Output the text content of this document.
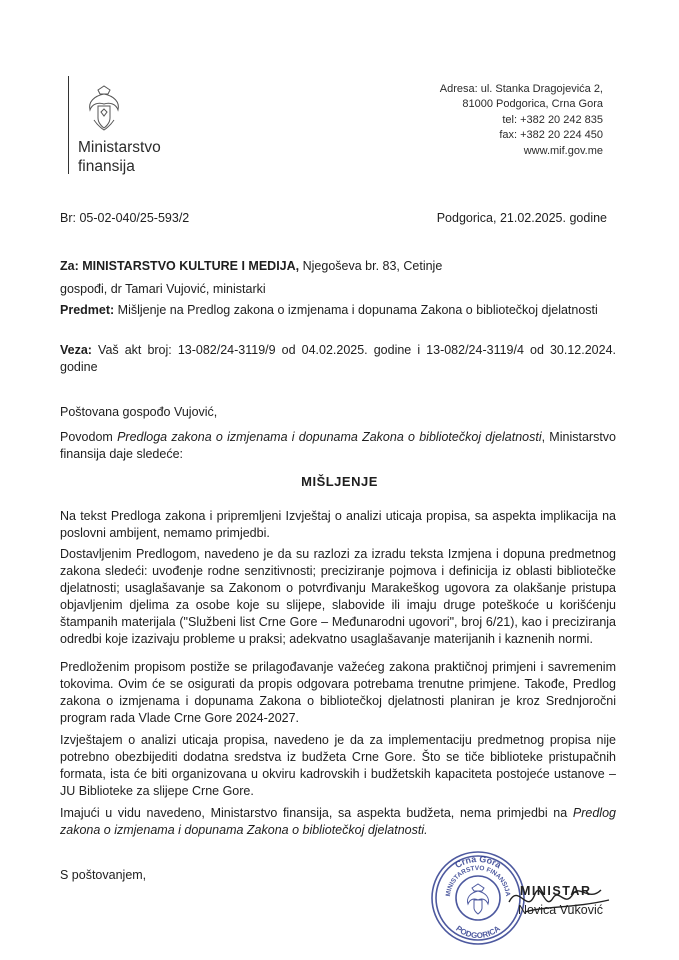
Ministarstvo
finansija
Adresa: ul. Stanka Dragojevića 2,
81000 Podgorica, Crna Gora
tel: +382 20 242 835
fax: +382 20 224 450
www.mif.gov.me
Br: 05-02-040/25-593/2	Podgorica, 21.02.2025. godine
Za: MINISTARSTVO KULTURE I MEDIJA, Njegoševa br. 83, Cetinje
gospođi, dr Tamari Vujović, ministarki
Predmet: Mišljenje na Predlog zakona o izmjenama i dopunama Zakona o bibliotečkoj djelatnosti
Veza: Vaš akt broj: 13-082/24-3119/9 od 04.02.2025. godine i 13-082/24-3119/4 od 30.12.2024. godine
Poštovana gospođo Vujović,
Povodom Predloga zakona o izmjenama i dopunama Zakona o bibliotečkoj djelatnosti, Ministarstvo finansija daje sledeće:
MIŠLJENJE
Na tekst Predloga zakona i pripremljeni Izvještaj o analizi uticaja propisa, sa aspekta implikacija na poslovni ambijent, nemamo primjedbi.
Dostavljenim Predlogom, navedeno je da su razlozi za izradu teksta Izmjena i dopuna predmetnog zakona sledeći: uvođenje rodne senzitivnosti; preciziranje pojmova i definicija iz oblasti bibliotečke djelatnosti; usaglašavanje sa Zakonom o potvrđivanju Marakeškog ugovora za olakšanje pristupa objavljenim djelima za osobe koje su slijepe, slabovide ili imaju druge poteškoće u korišćenju štampanih materijala ("Službeni list Crne Gore – Međunarodni ugovori", broj 6/21), kao i preciziranja odredbi koje izazivaju probleme u praksi; adekvatno usaglašavanje materijanih i kaznenih normi.
Predloženim propisom postiže se prilagođavanje važećeg zakona praktičnoj primjeni i savremenim tokovima. Ovim će se osigurati da propis odgovara potrebama trenutne primjene. Takođe, Predlog zakona o izmjenama i dopunama Zakona o bibliotečkoj djelatnosti planiran je kroz Srednjoročni program rada Vlade Crne Gore 2024-2027.
Izvještajem o analizi uticaja propisa, navedeno je da za implementaciju predmetnog propisa nije potrebno obezbijediti dodatna sredstva iz budžeta Crne Gore. Što se tiče biblioteke pristupačnih formata, ista će biti organizovana u okviru kadrovskih i budžetskih kapaciteta postojeće ustanove – JU Biblioteke za slijepe Crne Gore.
Imajući u vidu navedeno, Ministarstvo finansija, sa aspekta budžeta, nema primjedbi na Predlog zakona o izmjenama i dopunama Zakona o bibliotečkoj djelatnosti.
S poštovanjem,
Crna Gora
MINISTARSTVO FINANSIJA
PODGORICA
MINISTAR
Novica Vuković
